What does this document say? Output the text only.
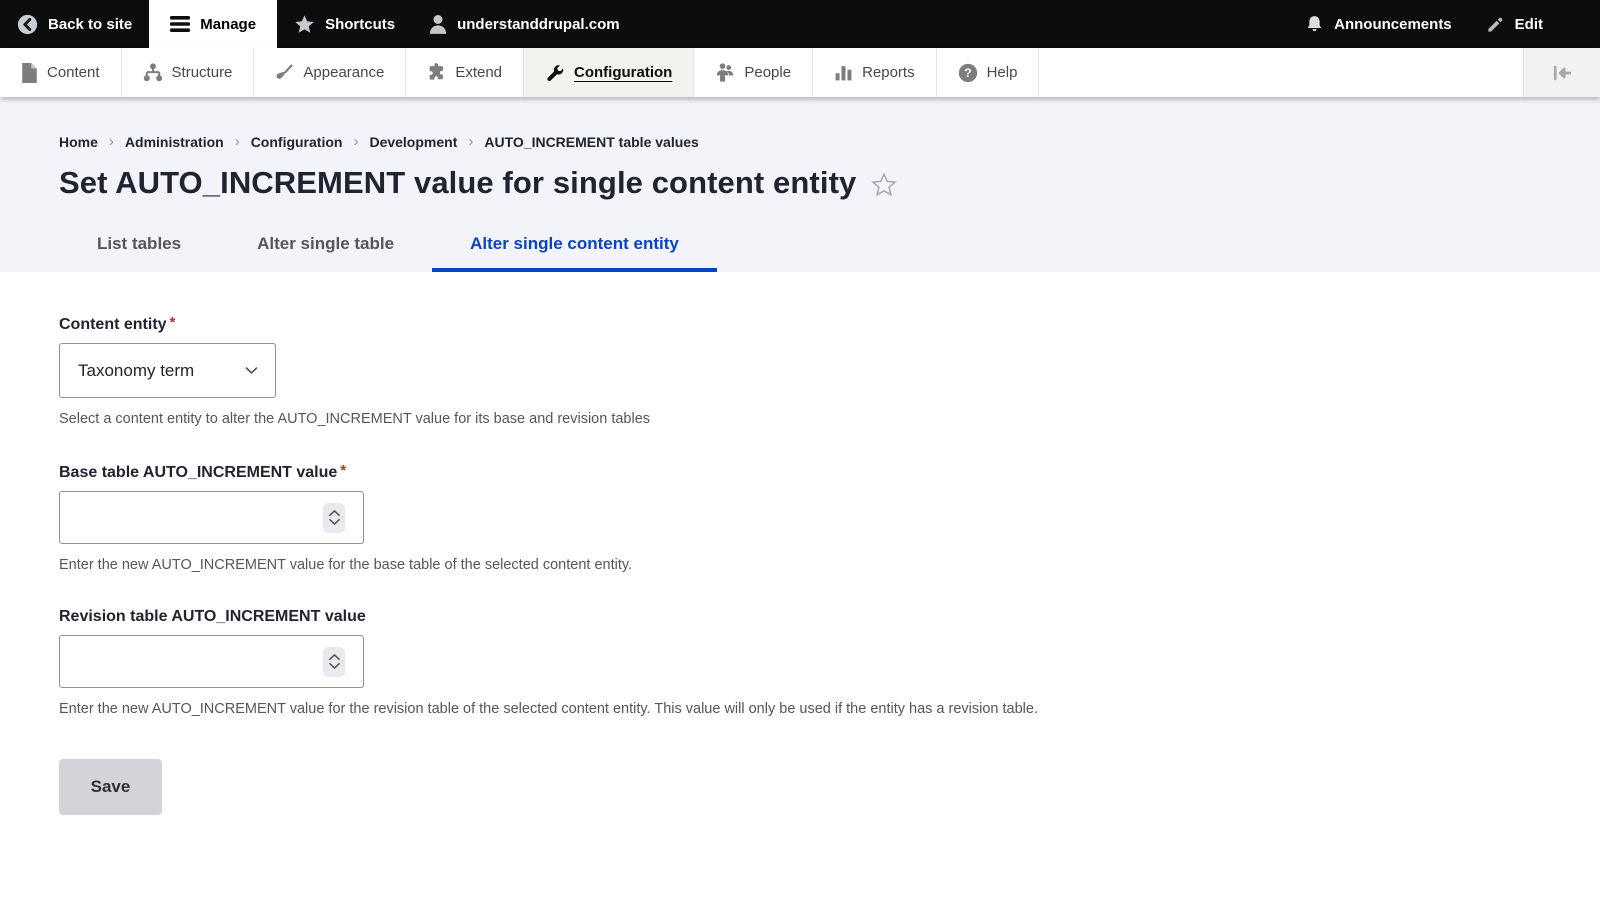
Back to site	Manage	Shortcuts	understanddrupal.com	Announcements	Edit
Content	Structure	Appearance	Extend	Configuration	People	Reports	? Help
Home › Administration › Configuration › Development › AUTO_INCREMENT table values
Set AUTO_INCREMENT value for single content entity
List tables	Alter single table	Alter single content entity
Content entity *
Taxonomy term
Select a content entity to alter the AUTO_INCREMENT value for its base and revision tables
Base table AUTO_INCREMENT value *
Enter the new AUTO_INCREMENT value for the base table of the selected content entity.
Revision table AUTO_INCREMENT value
Enter the new AUTO_INCREMENT value for the revision table of the selected content entity. This value will only be used if the entity has a revision table.
Save
